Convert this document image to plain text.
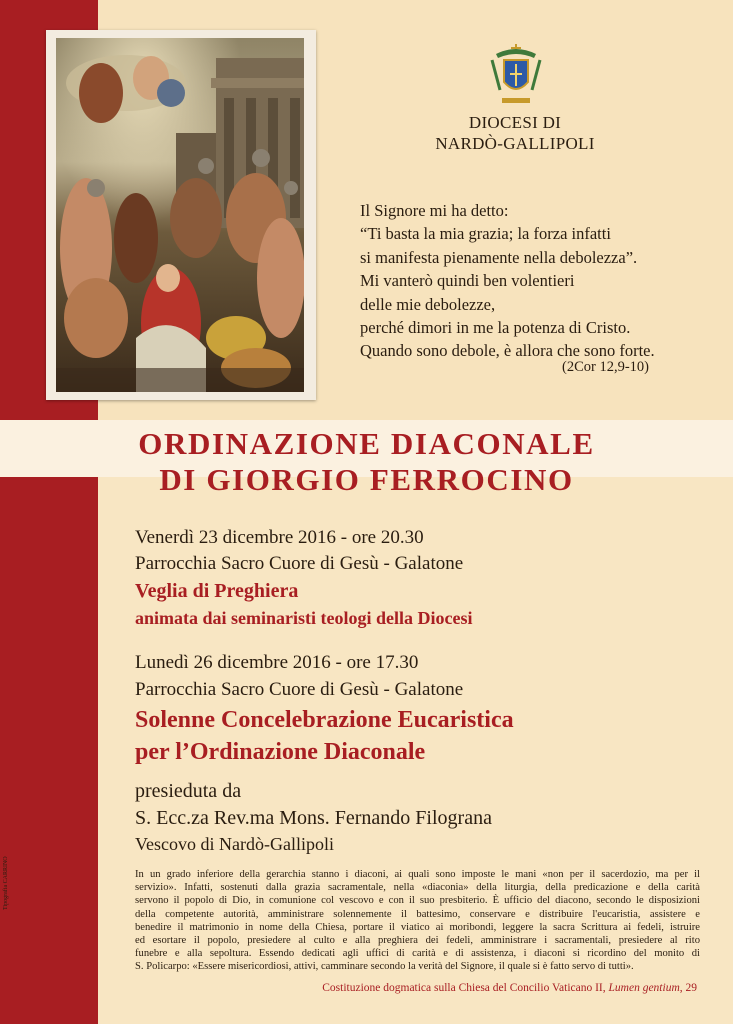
DIOCESI DI
NARDÒ-GALLIPOLI
Il Signore mi ha detto:
“Ti basta la mia grazia; la forza infatti
si manifesta pienamente nella debolezza”.
Mi vanterò quindi ben volentieri
delle mie debolezze,
perché dimori in me la potenza di Cristo.
Quando sono debole, è allora che sono forte.
(2Cor 12,9-10)
ORDINAZIONE DIACONALE
DI GIORGIO FERROCINO
Venerdì 23 dicembre 2016 - ore 20.30
Parrocchia Sacro Cuore di Gesù - Galatone
Veglia di Preghiera
animata dai seminaristi teologi della Diocesi
Lunedì 26 dicembre 2016 - ore 17.30
Parrocchia Sacro Cuore di Gesù - Galatone
Solenne Concelebrazione Eucaristica
per l’Ordinazione Diaconale
presieduta da
S. Ecc.za Rev.ma Mons. Fernando Filograna
Vescovo di Nardò-Gallipoli
In un grado inferiore della gerarchia stanno i diaconi, ai quali sono imposte le mani «non per il sacerdozio, ma per il
servizio». Infatti, sostenuti dalla grazia sacramentale, nella «diaconia» della liturgia, della predicazione e della carità
servono il popolo di Dio, in comunione col vescovo e con il suo presbiterio. È ufficio del diacono, secondo le disposizioni
della competente autorità, amministrare solennemente il battesimo, conservare e distribuire l'eucaristia, assistere e
benedire il matrimonio in nome della Chiesa, portare il viatico ai moribondi, leggere la sacra Scrittura ai fedeli, istruire
ed esortare il popolo, presiedere al culto e alla preghiera dei fedeli, amministrare i sacramentali, presiedere al rito
funebre e alla sepoltura. Essendo dedicati agli uffici di carità e di assistenza, i diaconi si ricordino del monito di
S. Policarpo: «Essere misericordiosi, attivi, camminare secondo la verità del Signore, il quale si è fatto servo di tutti».
Costituzione dogmatica sulla Chiesa del Concilio Vaticano II, Lumen gentium, 29
Tipografia CARRINO
